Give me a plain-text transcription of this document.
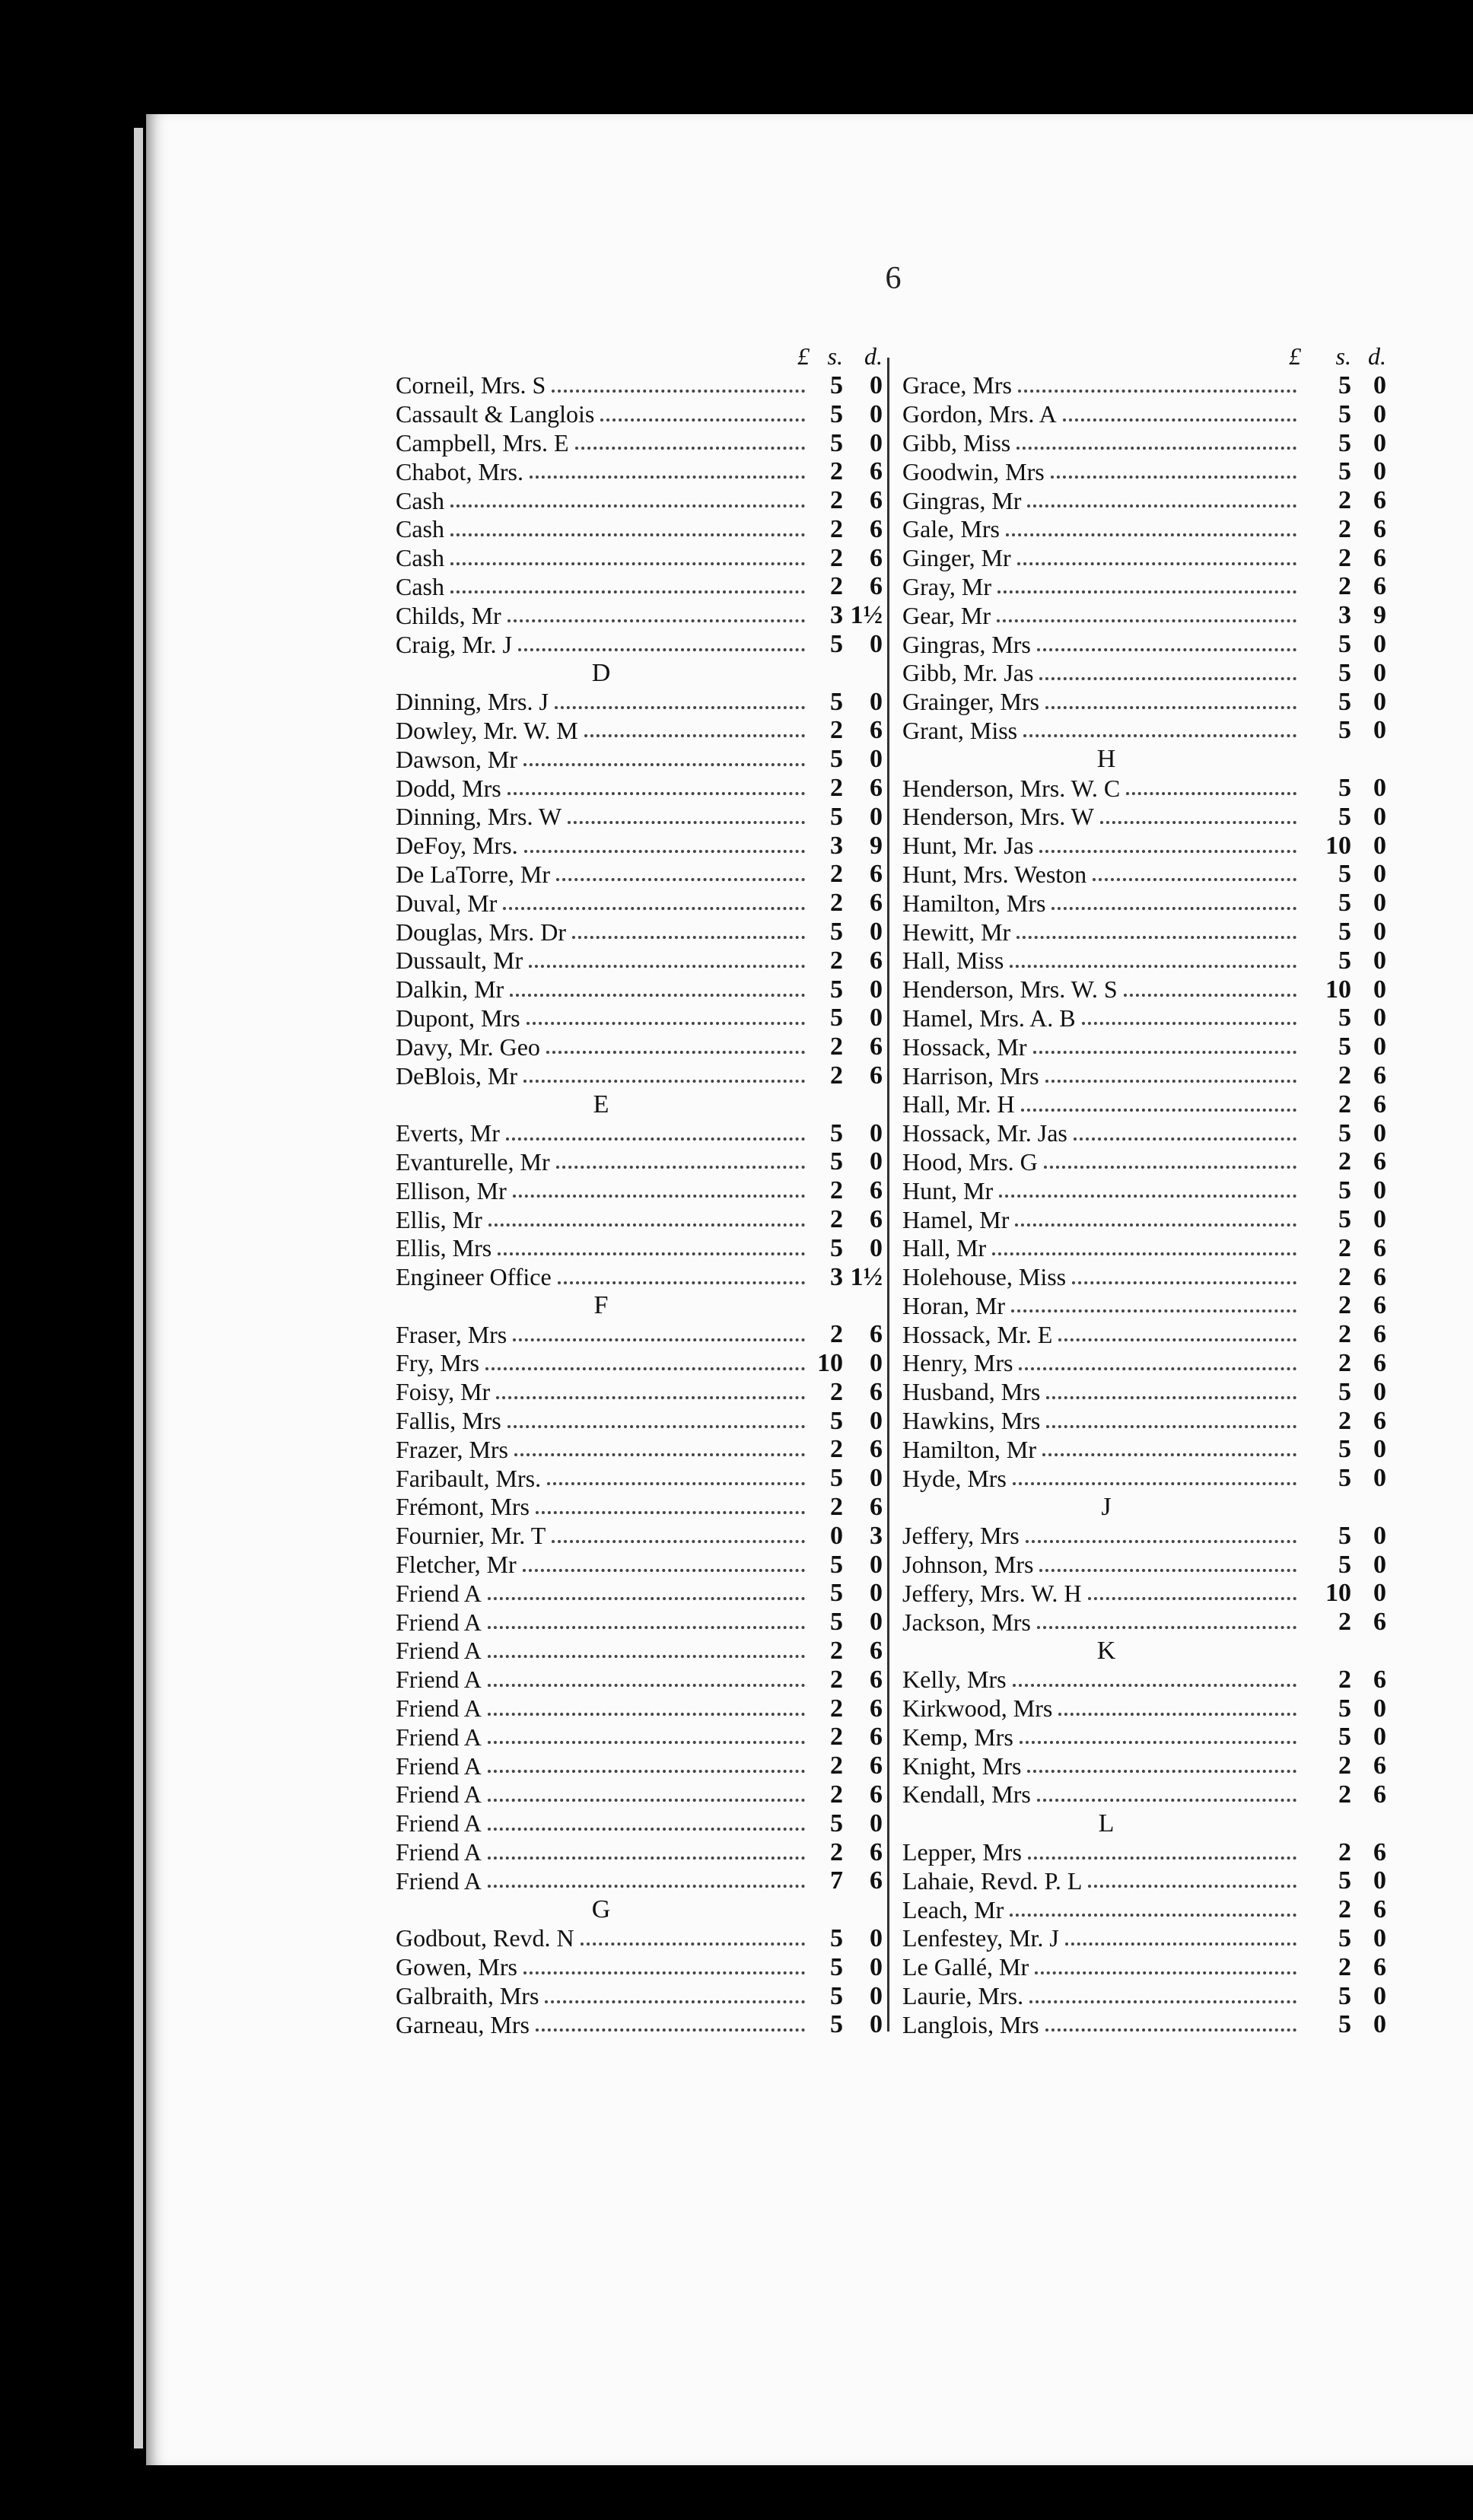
6
£ s. d.
Corneil, Mrs. S	5	0
Cassault & Langlois	5	0
Campbell, Mrs. E	5	0
Chabot, Mrs.	2	6
Cash	2	6
Cash	2	6
Cash	2	6
Cash	2	6
Childs, Mr	3 1½
Craig, Mr. J	5	0
D
Dinning, Mrs. J	5	0
Dowley, Mr. W. M	2	6
Dawson, Mr	5	0
Dodd, Mrs	2	6
Dinning, Mrs. W	5	0
DeFoy, Mrs.	3	9
De LaTorre, Mr	2	6
Duval, Mr	2	6
Douglas, Mrs. Dr	5	0
Dussault, Mr	2	6
Dalkin, Mr	5	0
Dupont, Mrs	5	0
Davy, Mr. Geo	2	6
DeBlois, Mr	2	6
E
Everts, Mr	5	0
Evanturelle, Mr	5	0
Ellison, Mr	2	6
Ellis, Mr	2	6
Ellis, Mrs	5	0
Engineer Office	3 1½
F
Fraser, Mrs	2	6
Fry, Mrs	10	0
Foisy, Mr	2	6
Fallis, Mrs	5	0
Frazer, Mrs	2	6
Faribault, Mrs.	5	0
Frémont, Mrs	2	6
Fournier, Mr. T	0	3
Fletcher, Mr	5	0
Friend A	5	0
Friend A	5	0
Friend A	2	6
Friend A	2	6
Friend A	2	6
Friend A	2	6
Friend A	2	6
Friend A	2	6
Friend A	5	0
Friend A	2	6
Friend A	7	6
G
Godbout, Revd. N	5	0
Gowen, Mrs	5	0
Galbraith, Mrs	5	0
Garneau, Mrs	5	0
£	s. d.
Grace, Mrs	5 0
Gordon, Mrs. A	5 0
Gibb, Miss	5 0
Goodwin, Mrs	5 0
Gingras, Mr	2 6
Gale, Mrs	2 6
Ginger, Mr	2 6
Gray, Mr	2 6
Gear, Mr	3 9
Gingras, Mrs	5 0
Gibb, Mr. Jas	5 0
Grainger, Mrs	5 0
Grant, Miss	5 0
H
Henderson, Mrs. W. C	5 0
Henderson, Mrs. W	5 0
Hunt, Mr. Jas	10 0
Hunt, Mrs. Weston	5 0
Hamilton, Mrs	5 0
Hewitt, Mr	5 0
Hall, Miss	5 0
Henderson, Mrs. W. S	10 0
Hamel, Mrs. A. B	5 0
Hossack, Mr	5 0
Harrison, Mrs	2 6
Hall, Mr. H	2 6
Hossack, Mr. Jas	5 0
Hood, Mrs. G	2 6
Hunt, Mr	5 0
Hamel, Mr	5 0
Hall, Mr	2 6
Holehouse, Miss	2 6
Horan, Mr	2 6
Hossack, Mr. E	2 6
Henry, Mrs	2 6
Husband, Mrs	5 0
Hawkins, Mrs	2 6
Hamilton, Mr	5 0
Hyde, Mrs	5 0
J
Jeffery, Mrs	5 0
Johnson, Mrs	5 0
Jeffery, Mrs. W. H	10 0
Jackson, Mrs	2 6
K
Kelly, Mrs	2 6
Kirkwood, Mrs	5 0
Kemp, Mrs	5 0
Knight, Mrs	2 6
Kendall, Mrs	2 6
L
Lepper, Mrs	2 6
Lahaie, Revd. P. L	5 0
Leach, Mr	2 6
Lenfestey, Mr. J	5 0
Le Gallé, Mr	2 6
Laurie, Mrs.	5 0
Langlois, Mrs	5 0
